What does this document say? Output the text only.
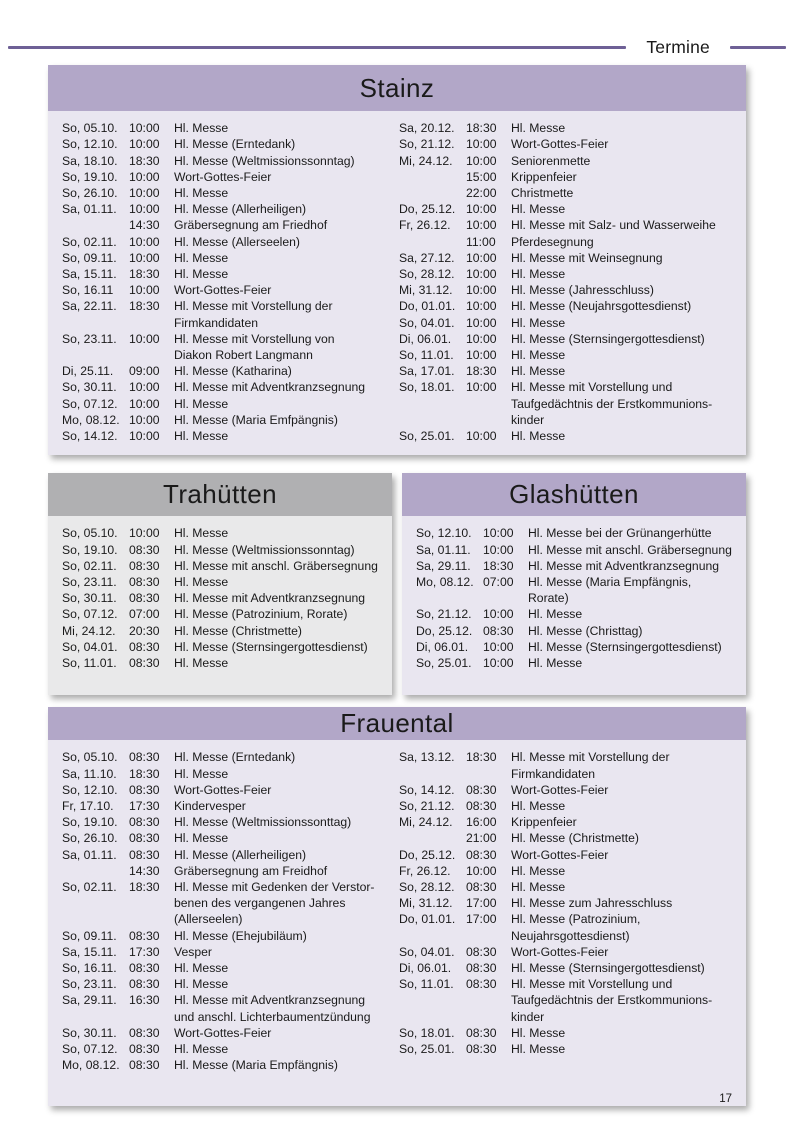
Termine
Stainz
So, 05.10. 10:00	Hl. Messe
So, 12.10. 10:00	Hl. Messe (Erntedank)
Sa, 18.10. 18:30	Hl. Messe (Weltmissionssonntag)
So, 19.10. 10:00	Wort-Gottes-Feier
So, 26.10. 10:00	Hl. Messe
Sa, 01.11.	10:00	Hl. Messe (Allerheiligen)
14:30	Gräbersegnung am Friedhof
So, 02.11.	10:00	Hl. Messe (Allerseelen)
So, 09.11.	10:00	Hl. Messe
Sa, 15.11.	18:30	Hl. Messe
So, 16.11	10:00	Wort-Gottes-Feier
Sa, 22.11.	18:30	Hl. Messe mit Vorstellung der
Firmkandidaten
So, 23.11.	10:00	Hl. Messe mit Vorstellung von
Diakon Robert Langmann
Di, 25.11.	09:00	Hl. Messe (Katharina)
So, 30.11.	10:00	Hl. Messe mit Adventkranzsegnung
So, 07.12. 10:00	Hl. Messe
Mo, 08.12. 10:00	Hl. Messe (Maria Emfpängnis)
So, 14.12. 10:00	Hl. Messe
Sa, 20.12. 18:30	Hl. Messe
So, 21.12. 10:00	Wort-Gottes-Feier
Mi, 24.12.	10:00	Seniorenmette
15:00	Krippenfeier
22:00	Christmette
Do, 25.12. 10:00	Hl. Messe
Fr, 26.12.	10:00	Hl. Messe mit Salz- und Wasserweihe
11:00	Pferdesegnung
Sa, 27.12. 10:00	Hl. Messe mit Weinsegnung
So, 28.12. 10:00	Hl. Messe
Mi, 31.12.	10:00	Hl. Messe (Jahresschluss)
Do, 01.01. 10:00	Hl. Messe (Neujahrsgottesdienst)
So, 04.01. 10:00	Hl. Messe
Di, 06.01.	10:00	Hl. Messe (Sternsingergottesdienst)
So, 11.01.	10:00	Hl. Messe
Sa, 17.01. 18:30	Hl. Messe
So, 18.01. 10:00	Hl. Messe mit Vorstellung und
Taufgedächtnis der Erstkommunions-
kinder
So, 25.01. 10:00	Hl. Messe
Trahütten
So, 05.10. 10:00	Hl. Messe
So, 19.10. 08:30	Hl. Messe (Weltmissionssonntag)
So, 02.11.	08:30	Hl. Messe mit anschl. Gräbersegnung
So, 23.11.	08:30	Hl. Messe
So, 30.11.	08:30	Hl. Messe mit Adventkranzsegnung
So, 07.12. 07:00	Hl. Messe (Patrozinium, Rorate)
Mi, 24.12.	20:30	Hl. Messe (Christmette)
So, 04.01. 08:30	Hl. Messe (Sternsingergottesdienst)
So, 11.01.	08:30	Hl. Messe
Glashütten
So, 12.10. 10:00	Hl. Messe bei der Grünangerhütte
Sa, 01.11.	10:00	Hl. Messe mit anschl. Gräbersegnung
Sa, 29.11.	18:30	Hl. Messe mit Adventkranzsegnung
Mo, 08.12. 07:00	Hl. Messe (Maria Empfängnis, Rorate)
So, 21.12. 10:00	Hl. Messe
Do, 25.12. 08:30	Hl. Messe (Christtag)
Di, 06.01.	10:00	Hl. Messe (Sternsingergottesdienst)
So, 25.01. 10:00	Hl. Messe
Frauental
So, 05.10. 08:30	Hl. Messe (Erntedank)
Sa, 11.10.	18:30	Hl. Messe
So, 12.10. 08:30	Wort-Gottes-Feier
Fr, 17.10.	17:30	Kindervesper
So, 19.10. 08:30	Hl. Messe (Weltmissionssonttag)
So, 26.10. 08:30	Hl. Messe
Sa, 01.11.	08:30	Hl. Messe (Allerheiligen)
14:30	Gräbersegnung am Freidhof
So, 02.11.	18:30	Hl. Messe mit Gedenken der Verstor-
benen des vergangenen Jahres
(Allerseelen)
So, 09.11.	08:30	Hl. Messe (Ehejubiläum)
Sa, 15.11.	17:30	Vesper
So, 16.11.	08:30	Hl. Messe
So, 23.11.	08:30	Hl. Messe
Sa, 29.11.	16:30	Hl. Messe mit Adventkranzsegnung
und anschl. Lichterbaumentzündung
So, 30.11.	08:30	Wort-Gottes-Feier
So, 07.12. 08:30	Hl. Messe
Mo, 08.12. 08:30	Hl. Messe (Maria Empfängnis)
Sa, 13.12. 18:30	Hl. Messe mit Vorstellung der
Firmkandidaten
So, 14.12. 08:30	Wort-Gottes-Feier
So, 21.12. 08:30	Hl. Messe
Mi, 24.12.	16:00	Krippenfeier
21:00	Hl. Messe (Christmette)
Do, 25.12. 08:30	Wort-Gottes-Feier
Fr, 26.12.	10:00	Hl. Messe
So, 28.12. 08:30	Hl. Messe
Mi, 31.12.	17:00	Hl. Messe zum Jahresschluss
Do, 01.01. 17:00	Hl. Messe (Patrozinium,
Neujahrsgottesdienst)
So, 04.01. 08:30	Wort-Gottes-Feier
Di, 06.01.	08:30	Hl. Messe (Sternsingergottesdienst)
So, 11.01.	08:30	Hl. Messe mit Vorstellung und
Taufgedächtnis der Erstkommunions-
kinder
So, 18.01. 08:30	Hl. Messe
So, 25.01. 08:30	Hl. Messe
17
